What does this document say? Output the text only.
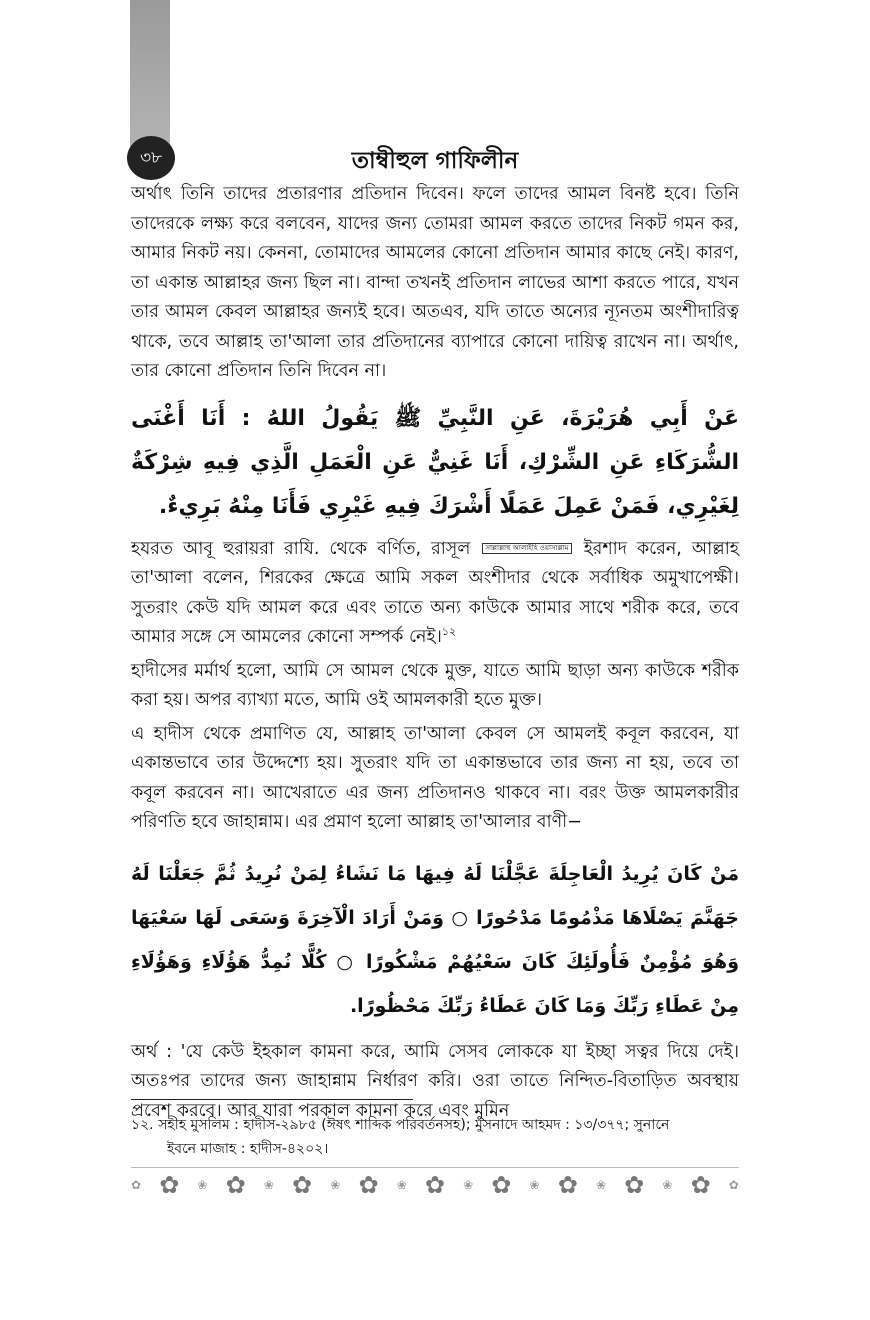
৩৮	তাম্বীহুল গাফিলীন

অর্থাৎ তিনি তাদের প্রতারণার প্রতিদান দিবেন। ফলে তাদের আমল বিনষ্ট হবে। তিনি তাদেরকে লক্ষ্য করে বলবেন, যাদের জন্য তোমরা আমল করতে তাদের নিকট গমন কর, আমার নিকট নয়। কেননা, তোমাদের আমলের কোনো প্রতিদান আমার কাছে নেই। কারণ, তা একান্ত আল্লাহর জন্য ছিল না। বান্দা তখনই প্রতিদান লাভের আশা করতে পারে, যখন তার আমল কেবল আল্লাহর জন্যই হবে। অতএব, যদি তাতে অন্যের ন্যূনতম অংশীদারিত্ব থাকে, তবে আল্লাহ তা'আলা তার প্রতিদানের ব্যাপারে কোনো দায়িত্ব রাখেন না। অর্থাৎ, তার কোনো প্রতিদান তিনি দিবেন না।

عَنْ أَبِي هُرَيْرَةَ، عَنِ النَّبِيِّ ﷺ يَقُولُ اللهُ : أَنَا أَغْنَى الشُّرَكَاءِ عَنِ الشِّرْكِ، أَنَا غَنِيٌّ عَنِ الْعَمَلِ الَّذِي فِيهِ شِرْكَةٌ لِغَيْرِي، فَمَنْ عَمِلَ عَمَلًا أَشْرَكَ فِيهِ غَيْرِي فَأَنَا مِنْهُ بَرِيءٌ.

হযরত আবূ হুরায়রা রাযি. থেকে বর্ণিত, রাসূল সাল্লাল্লাহু আলাইহি ওয়াসাল্লাম ইরশাদ করেন, আল্লাহ তা'আলা বলেন, শিরকের ক্ষেত্রে আমি সকল অংশীদার থেকে সর্বাধিক অমুখাপেক্ষী। সুতরাং কেউ যদি আমল করে এবং তাতে অন্য কাউকে আমার সাথে শরীক করে, তবে আমার সঙ্গে সে আমলের কোনো সম্পর্ক নেই।$^{১২}$

হাদীসের মর্মার্থ হলো, আমি সে আমল থেকে মুক্ত, যাতে আমি ছাড়া অন্য কাউকে শরীক করা হয়। অপর ব্যাখ্যা মতে, আমি ওই আমলকারী হতে মুক্ত।

এ হাদীস থেকে প্রমাণিত যে, আল্লাহ তা'আলা কেবল সে আমলই কবূল করবেন, যা একান্তভাবে তার উদ্দেশ্যে হয়। সুতরাং যদি তা একান্তভাবে তার জন্য না হয়, তবে তা কবূল করবেন না। আখেরাতে এর জন্য প্রতিদানও থাকবে না। বরং উক্ত আমলকারীর পরিণতি হবে জাহান্নাম। এর প্রমাণ হলো আল্লাহ তা'আলার বাণী−

مَنْ كَانَ يُرِيدُ الْعَاجِلَةَ عَجَّلْنَا لَهُ فِيهَا مَا نَشَاءُ لِمَنْ نُرِيدُ ثُمَّ جَعَلْنَا لَهُ جَهَنَّمَ يَصْلَاهَا مَذْمُومًا مَدْحُورًا ○ وَمَنْ أَرَادَ الْآخِرَةَ وَسَعَى لَهَا سَعْيَهَا وَهُوَ مُؤْمِنٌ فَأُولَئِكَ كَانَ سَعْيُهُمْ مَشْكُورًا ○ كُلًّا نُمِدُّ هَؤُلَاءِ وَهَؤُلَاءِ مِنْ عَطَاءِ رَبِّكَ وَمَا كَانَ عَطَاءُ رَبِّكَ مَحْظُورًا.

অর্থ : 'যে কেউ ইহকাল কামনা করে, আমি সেসব লোককে যা ইচ্ছা সত্বর দিয়ে দেই। অতঃপর তাদের জন্য জাহান্নাম নির্ধারণ করি। ওরা তাতে নিন্দিত-বিতাড়িত অবস্থায় প্রবেশ করবে। আর যারা পরকাল কামনা করে এবং মুমিন

১২. সহীহ মুসলিম : হাদীস-২৯৮৫ (ঈষৎ শাব্দিক পরিবর্তনসহ); মুসনাদে আহমদ : ১৩/৩৭৭; সুনানে
ইবনে মাজাহ : হাদীস-৪২০২।
✿ ✿ ❀ ✿ ❀ ✿ ❀ ✿ ❀ ✿ ❀ ✿ ❀ ✿ ❀ ✿ ❀ ✿ ✿
